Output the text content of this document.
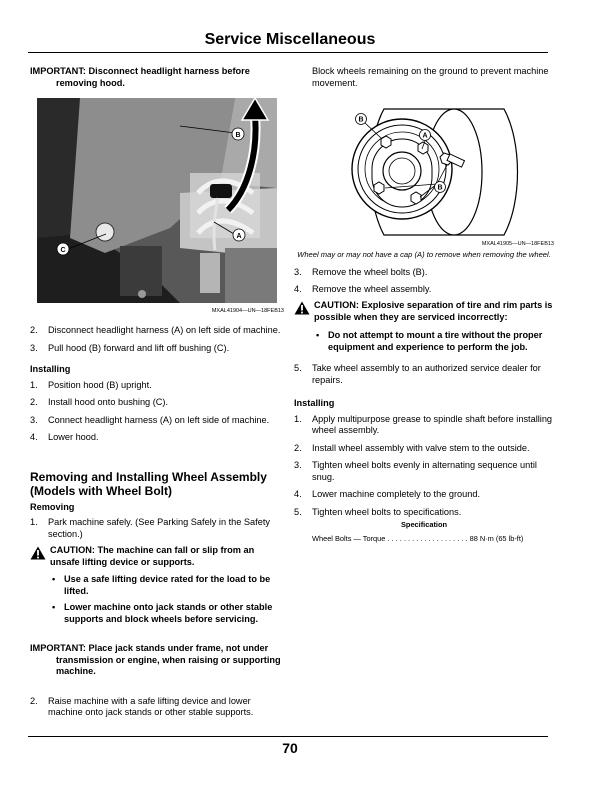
Service Miscellaneous
IMPORTANT: Disconnect headlight harness before removing hood.
B
A
C
MXAL41904—UN—18FEB13
2. Disconnect headlight harness (A) on left side of machine.
3. Pull hood (B) forward and lift off bushing (C).
Installing
1. Position hood (B) upright.
2. Install hood onto bushing (C).
3. Connect headlight harness (A) on left side of machine.
4. Lower hood.
Removing and Installing Wheel Assembly (Models with Wheel Bolt)
Removing
1. Park machine safely. (See Parking Safely in the Safety section.)
CAUTION: The machine can fall or slip from an unsafe lifting device or supports.
• Use a safe lifting device rated for the load to be lifted.
• Lower machine onto jack stands or other stable supports and block wheels before servicing.
IMPORTANT: Place jack stands under frame, not under transmission or engine, when raising or supporting machine.
2. Raise machine with a safe lifting device and lower machine onto jack stands or other stable supports.
Block wheels remaining on the ground to prevent machine movement.
B
A
B
MXAL41905—UN—18FEB13
Wheel may or may not have a cap (A) to remove when removing the wheel.
3. Remove the wheel bolts (B).
4. Remove the wheel assembly.
CAUTION: Explosive separation of tire and rim parts is possible when they are serviced incorrectly:
• Do not attempt to mount a tire without the proper equipment and experience to perform the job.
5. Take wheel assembly to an authorized service dealer for repairs.
Installing
1. Apply multipurpose grease to spindle shaft before installing wheel assembly.
2. Install wheel assembly with valve stem to the outside.
3. Tighten wheel bolts evenly in alternating sequence until snug.
4. Lower machine completely to the ground.
5. Tighten wheel bolts to specifications.
Specification
Wheel Bolts — Torque . . . . . . . . . . . . . . . . . . . . 88 N·m (65 lb-ft)
70
